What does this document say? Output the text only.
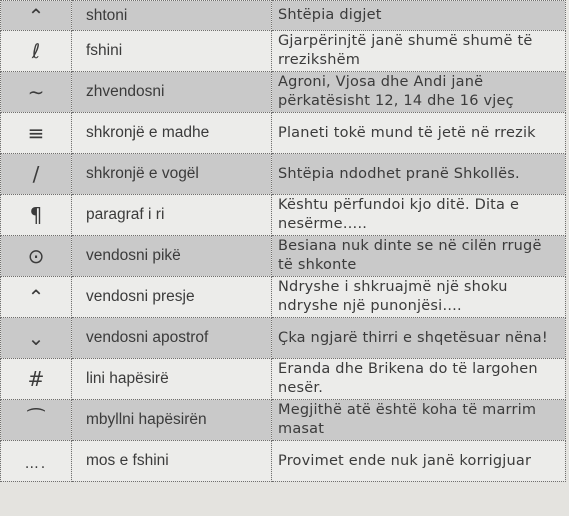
⌃	shtoni	Shtëpia digjet

ℓ	fshini	Gjarpërinjtë janë shumë shumë të rrezikshëm

∼	zhvendosni	Agroni, Vjosa dhe Andi janë përkatësisht 12, 14 dhe 16 vjeç

≡	shkronjë e madhe	Planeti tokë mund të jetë në rrezik

/	shkronjë e vogël	Shtëpia ndodhet pranë Shkollës.

¶	paragraf i ri	Kështu përfundoi kjo ditë. Dita e nesërme…..

⊙	vendosni pikë	Besiana nuk dinte se në cilën rrugë të shkonte

⌃	vendosni presje	Ndryshe i shkruajmë një shoku ndryshe një punonjësi….

⌄	vendosni apostrof	Çka ngjarë thirri e shqetësuar nëna!

#	lini hapësirë	Eranda dhe Brikena do të largohen nesër.

⁀	mbyllni hapësirën	Megjithë atë është koha të marrim masat

….	mos e fshini	Provimet ende nuk janë korrigjuar
